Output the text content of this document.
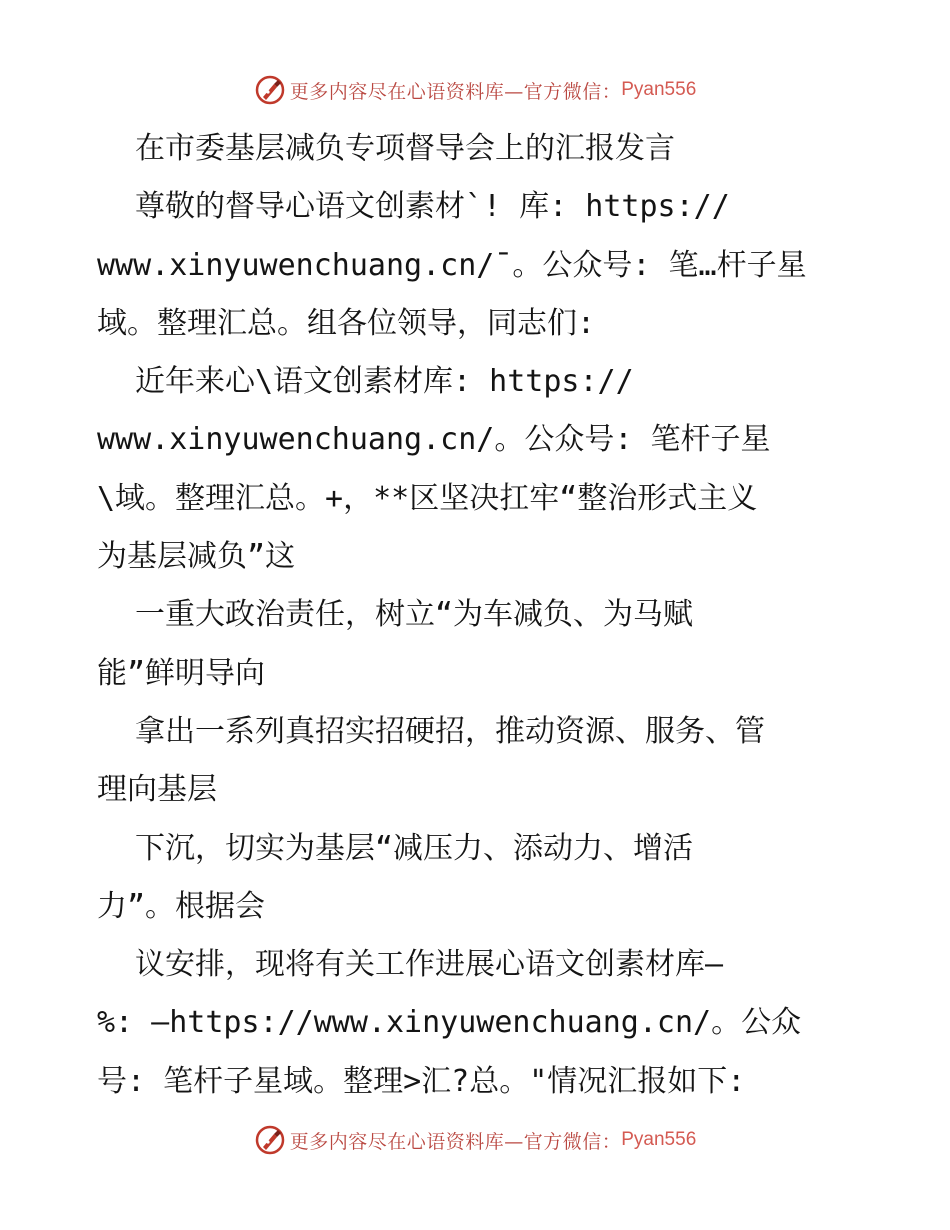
更多内容尽在心语资料库—官方微信： Pyan556
在市委基层减负专项督导会上的汇报发言
尊敬的督导心语文创素材`! 库: https://
www.xinyuwenchuang.cn/¯。公众号: 笔…杆子星
域。整理汇总。组各位领导，同志们:
近年来心\语文创素材库: https://
www.xinyuwenchuang.cn/。公众号: 笔杆子星
\域。整理汇总。+，**区坚决扛牢“整治形式主义
为基层减负”这
一重大政治责任，树立“为车减负、为马赋
能”鲜明导向
拿出一系列真招实招硬招，推动资源、服务、管
理向基层
下沉，切实为基层“减压力、添动力、增活
力”。根据会
议安排，现将有关工作进展心语文创素材库—
%: —https://www.xinyuwenchuang.cn/。公众
号: 笔杆子星域。整理>汇?总。"情况汇报如下:
更多内容尽在心语资料库—官方微信： Pyan556
